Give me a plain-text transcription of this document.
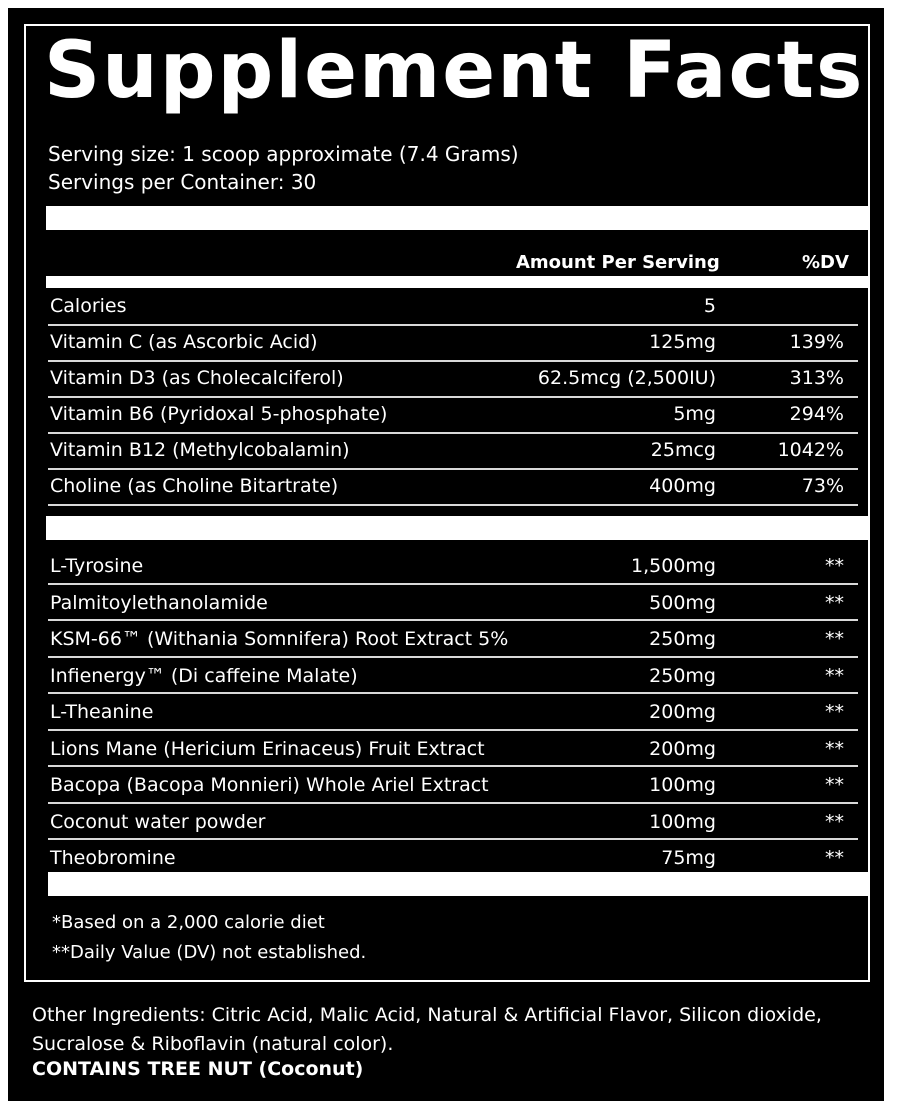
Supplement Facts
Serving size: 1 scoop approximate (7.4 Grams)
Servings per Container: 30
Amount Per Serving	%DV
Calories	5
Vitamin C (as Ascorbic Acid)	125mg	139%
Vitamin D3 (as Cholecalciferol)	62.5mcg (2,500IU)	313%
Vitamin B6 (Pyridoxal 5-phosphate)	5mg	294%
Vitamin B12 (Methylcobalamin)	25mcg	1042%
Choline (as Choline Bitartrate)	400mg	73%
L-Tyrosine	1,500mg	**
Palmitoylethanolamide	500mg	**
KSM-66™ (Withania Somnifera) Root Extract 5%	250mg	**
Infienergy™ (Di caffeine Malate)	250mg	**
L-Theanine	200mg	**
Lions Mane (Hericium Erinaceus) Fruit Extract	200mg	**
Bacopa (Bacopa Monnieri) Whole Ariel Extract	100mg	**
Coconut water powder	100mg	**
Theobromine	75mg	**
*Based on a 2,000 calorie diet
**Daily Value (DV) not established.
Other Ingredients: Citric Acid, Malic Acid, Natural & Artificial Flavor, Silicon dioxide, Sucralose & Riboflavin (natural color).
CONTAINS TREE NUT (Coconut)
